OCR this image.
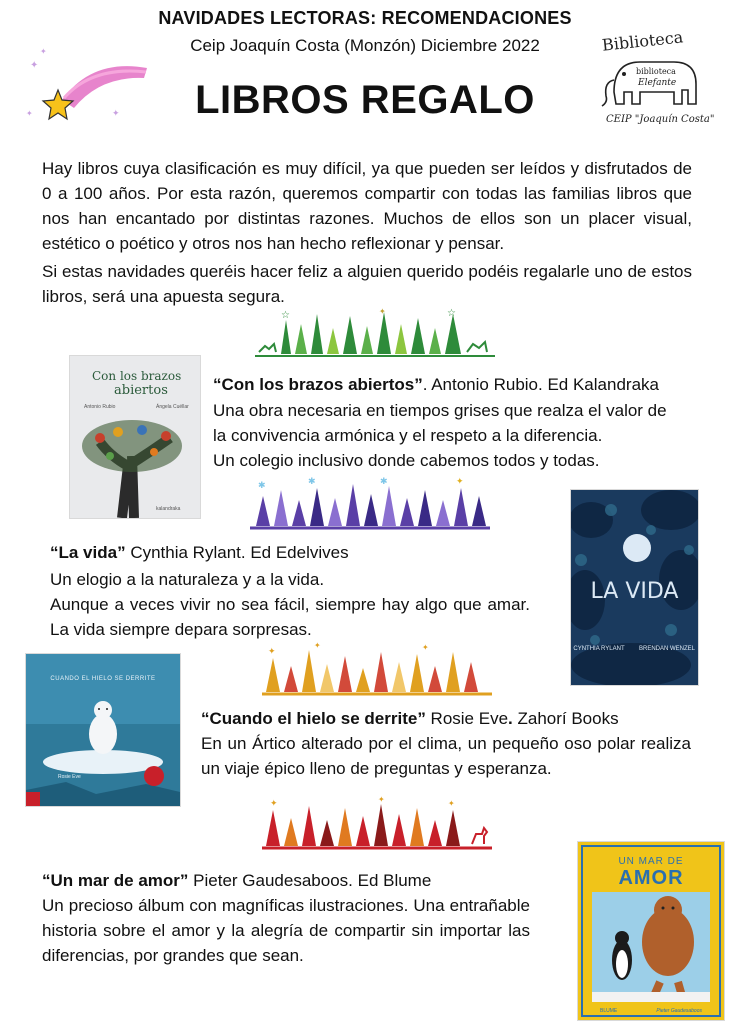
NAVIDADES LECTORAS: RECOMENDACIONES
Ceip Joaquín Costa (Monzón) Diciembre 2022
LIBROS REGALO
✦
✦
✦
✦
Biblioteca
biblioteca
Elefante
CEIP "Joaquín Costa"
Hay libros cuya clasificación es muy difícil, ya que pueden ser leídos y disfrutados de 0 a 100 años. Por esta razón, queremos compartir con todas las familias libros que nos han encantado por distintas razones. Muchos de ellos son un placer visual, estético o poético y otros nos han hecho reflexionar y pensar.
Si estas navidades queréis hacer feliz a alguien querido podéis regalarle uno de estos libros, será una apuesta segura.
☆	☆
✦
Con los brazos
abiertos
Antonio Rubio	Ángela Cuéllar
kalandraka
“Con los brazos abiertos”. Antonio Rubio. Ed Kalandraka
Una obra necesaria en tiempos grises que realza el valor de
la convivencia armónica y el respeto a la diferencia.
Un colegio inclusivo donde cabemos todos y todas.
✱	✱	✱	✦
“La vida” Cynthia Rylant. Ed Edelvives
Un elogio a la naturaleza y a la vida.
Aunque a veces vivir no sea fácil, siempre hay algo que amar. La vida siempre depara sorpresas.
LA VIDA
CYNTHIA RYLANT BRENDAN WENZEL
✦
✦	✦
CUANDO EL HIELO SE DERRITE
Rosie Eve
“Cuando el hielo se derrite” Rosie Eve. Zahorí Books
En un Ártico alterado por el clima, un pequeño oso polar realiza un viaje épico lleno de preguntas y esperanza.
✦	✦	✦
“Un mar de amor” Pieter Gaudesaboos. Ed Blume
Un precioso álbum con magníficas ilustraciones. Una entrañable historia sobre el amor y la alegría de compartir sin importar las diferencias, por grandes que sean.
UN MAR DE
AMOR
BLUME	Pieter Gaudesaboos
